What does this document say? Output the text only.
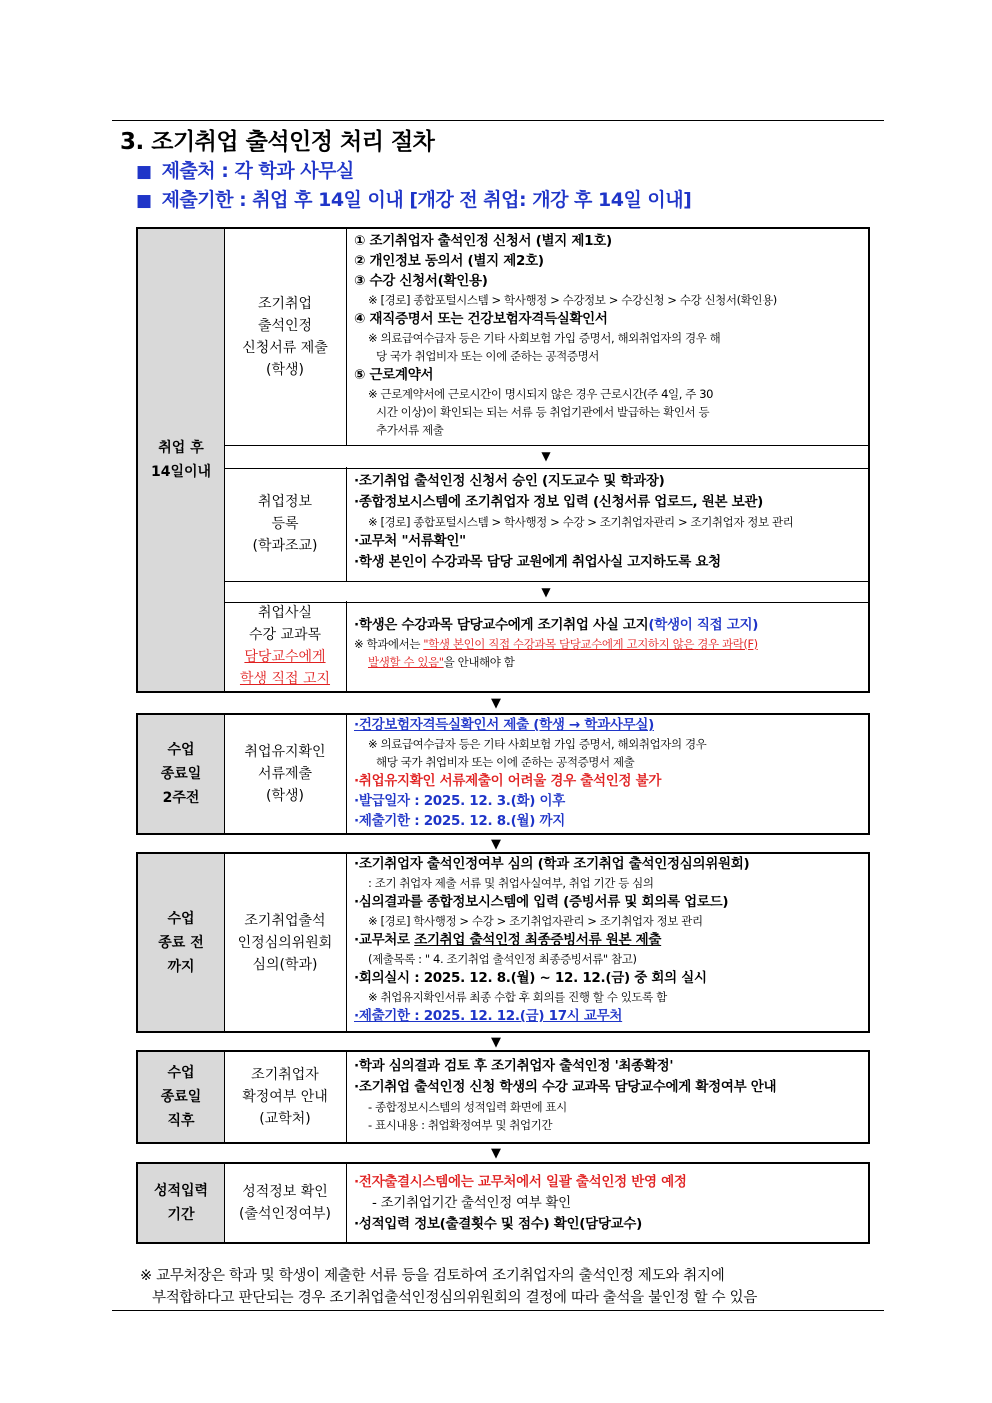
3. 조기취업 출석인정 처리 절차
■ 제출처 : 각 학과 사무실
■ 제출기한 : 취업 후 14일 이내 [개강 전 취업: 개강 후 14일 이내]
취업 후
14일이내
조기취업
출석인정
신청서류 제출
(학생)
① 조기취업자 출석인정 신청서 (별지 제1호)
② 개인정보 동의서 (별지 제2호)
③ 수강 신청서(확인용)
※ [경로] 종합포털시스템 > 학사행정 > 수강정보 > 수강신청 > 수강 신청서(확인용)
④ 재직증명서 또는 건강보험자격득실확인서
※ 의료급여수급자 등은 기타 사회보험 가입 증명서, 해외취업자의 경우 해
당 국가 취업비자 또는 이에 준하는 공적증명서
⑤ 근로계약서
※ 근로계약서에 근로시간이 명시되지 않은 경우 근로시간(주 4일, 주 30
시간 이상)이 확인되는 되는 서류 등 취업기관에서 발급하는 확인서 등
추가서류 제출
▼
취업정보
등록
(학과조교)
·조기취업 출석인정 신청서 승인 (지도교수 및 학과장)
·종합정보시스템에 조기취업자 정보 입력 (신청서류 업로드, 원본 보관)
※ [경로] 종합포털시스템 > 학사행정 > 수강 > 조기취업자관리 > 조기취업자 정보 관리
·교무처 "서류확인"
·학생 본인이 수강과목 담당 교원에게 취업사실 고지하도록 요청
▼
취업사실
수강 교과목
담당교수에게
학생 직접 고지
·학생은 수강과목 담당교수에게 조기취업 사실 고지(학생이 직접 고지)
※ 학과에서는 "학생 본인이 직접 수강과목 담당교수에게 고지하지 않은 경우 과락(F)
발생할 수 있음"을 안내해야 함
▼
수업
종료일
2주전
취업유지확인
서류제출
(학생)
·건강보험자격득실확인서 제출 (학생 → 학과사무실)
※ 의료급여수급자 등은 기타 사회보험 가입 증명서, 해외취업자의 경우
해당 국가 취업비자 또는 이에 준하는 공적증명서 제출
·취업유지확인 서류제출이 어려울 경우 출석인정 불가
·발급일자 : 2025. 12. 3.(화) 이후
·제출기한 : 2025. 12. 8.(월) 까지
▼
수업
종료 전
까지
조기취업출석
인정심의위원회
심의(학과)
·조기취업자 출석인정여부 심의 (학과 조기취업 출석인정심의위원회)
: 조기 취업자 제출 서류 및 취업사실여부, 취업 기간 등 심의
·심의결과를 종합정보시스템에 입력 (증빙서류 및 회의록 업로드)
※ [경로] 학사행정 > 수강 > 조기취업자관리 > 조기취업자 정보 관리
·교무처로 조기취업 출석인정 최종증빙서류 원본 제출
(제출목록 : " 4. 조기취업 출석인정 최종증빙서류" 참고)
·회의실시 : 2025. 12. 8.(월) ~ 12. 12.(금) 중 회의 실시
※ 취업유지확인서류 최종 수합 후 회의를 진행 할 수 있도록 함
·제출기한 : 2025. 12. 12.(금) 17시 교무처
▼
수업
종료일
직후
조기취업자
확정여부 안내
(교학처)
·학과 심의결과 검토 후 조기취업자 출석인정 '최종확정'
·조기취업 출석인정 신청 학생의 수강 교과목 담당교수에게 확정여부 안내
- 종합정보시스템의 성적입력 화면에 표시
- 표시내용 : 취업확정여부 및 취업기간
▼
성적입력
기간
성적정보 확인
(출석인정여부)
·전자출결시스템에는 교무처에서 일괄 출석인정 반영 예정
- 조기취업기간 출석인정 여부 확인
·성적입력 정보(출결횟수 및 점수) 확인(담당교수)
※ 교무처장은 학과 및 학생이 제출한 서류 등을 검토하여 조기취업자의 출석인정 제도와 취지에
부적합하다고 판단되는 경우 조기취업출석인정심의위원회의 결정에 따라 출석을 불인정 할 수 있음
